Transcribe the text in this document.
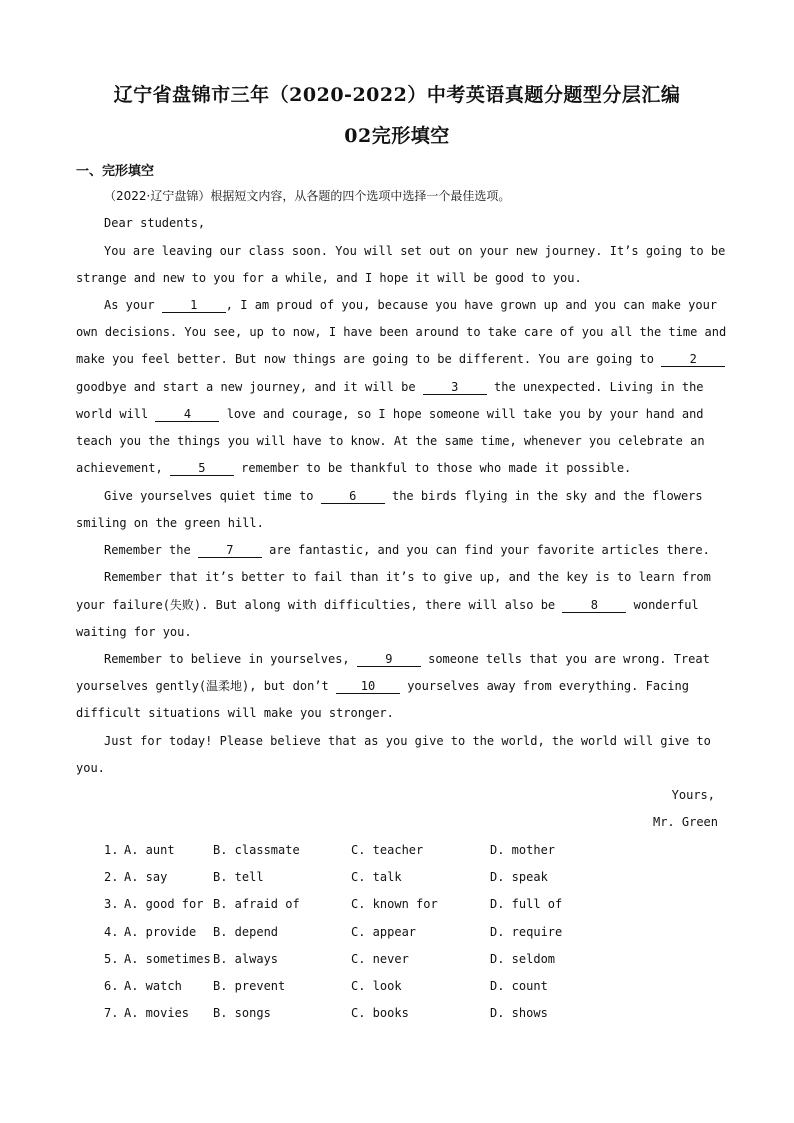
辽宁省盘锦市三年（2020-2022）中考英语真题分题型分层汇编
02完形填空
一、完形填空
（2022·辽宁盘锦）根据短文内容，从各题的四个选项中选择一个最佳选项。
Dear students,
You are leaving our class soon. You will set out on your new journey. It’s going to be
strange and new to you for a while, and I hope it will be good to you.
As your 1 , I am proud of you, because you have grown up and you can make your
own decisions. You see, up to now, I have been around to take care of you all the time and
make you feel better. But now things are going to be different. You are going to 2
goodbye and start a new journey, and it will be 3 the unexpected. Living in the
world will 4 love and courage, so I hope someone will take you by your hand and
teach you the things you will have to know. At the same time, whenever you celebrate an
achievement, 5 remember to be thankful to those who made it possible.
Give yourselves quiet time to 6 the birds flying in the sky and the flowers
smiling on the green hill.
Remember the 7 are fantastic, and you can find your favorite articles there.
Remember that it’s better to fail than it’s to give up, and the key is to learn from
your failure(失败). But along with difficulties, there will also be 8 wonderful
waiting for you.
Remember to believe in yourselves, 9 someone tells that you are wrong. Treat
yourselves gently(温柔地), but don’t 10 yourselves away from everything. Facing
difficult situations will make you stronger.
Just for today! Please believe that as you give to the world, the world will give to
you.
Yours,
Mr. Green
1. A. aunt	B. classmate	C. teacher	D. mother
2. A. say	B. tell	C. talk	D. speak
3. A. good for B. afraid of	C. known for	D. full of
4. A. provide B. depend	C. appear	D. require
5. A. sometimes B. always	C. never	D. seldom
6. A. watch	B. prevent	C. look	D. count
7. A. movies B. songs	C. books	D. shows
